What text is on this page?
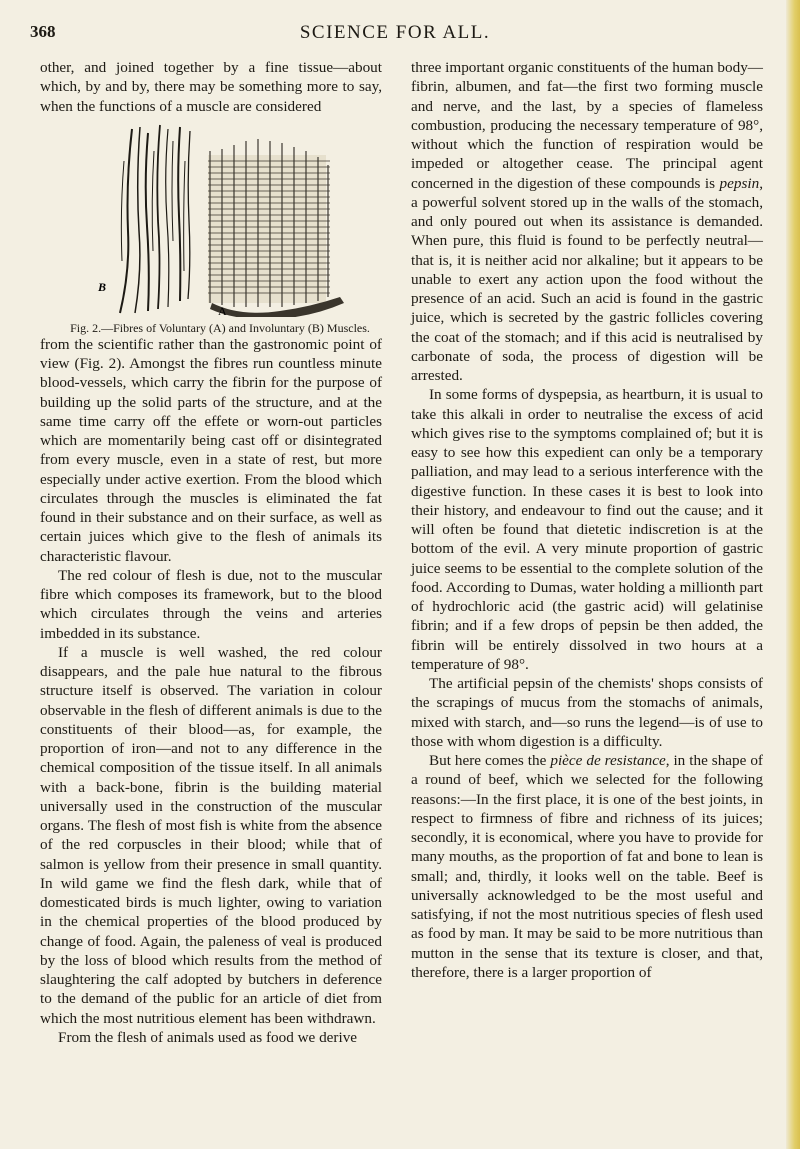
368	SCIENCE FOR ALL.

other, and joined together by a fine tissue—about which, by and by, there may be something more to say, when the functions of a muscle are considered

B
A

Fig. 2.—Fibres of Voluntary (A) and Involuntary (B) Muscles.

from the scientific rather than the gastronomic point of view (Fig. 2). Amongst the fibres run countless minute blood-vessels, which carry the fibrin for the purpose of building up the solid parts of the structure, and at the same time carry off the effete or worn-out particles which are momentarily being cast off or disintegrated from every muscle, even in a state of rest, but more especially under active exertion. From the blood which circulates through the muscles is eliminated the fat found in their substance and on their surface, as well as certain juices which give to the flesh of animals its characteristic flavour.

The red colour of flesh is due, not to the muscular fibre which composes its framework, but to the blood which circulates through the veins and arteries imbedded in its substance.

If a muscle is well washed, the red colour disappears, and the pale hue natural to the fibrous structure itself is observed. The variation in colour observable in the flesh of different animals is due to the constituents of their blood—as, for example, the proportion of iron—and not to any difference in the chemical composition of the tissue itself. In all animals with a back-bone, fibrin is the building material universally used in the construction of the muscular organs. The flesh of most fish is white from the absence of the red corpuscles in their blood; while that of salmon is yellow from their presence in small quantity. In wild game we find the flesh dark, while that of domesticated birds is much lighter, owing to variation in the chemical properties of the blood produced by change of food. Again, the paleness of veal is produced by the loss of blood which results from the method of slaughtering the calf adopted by butchers in deference to the demand of the public for an article of diet from which the most nutritious element has been withdrawn.

From the flesh of animals used as food we derive

three important organic constituents of the human body—fibrin, albumen, and fat—the first two forming muscle and nerve, and the last, by a species of flameless combustion, producing the necessary temperature of 98°, without which the function of respiration would be impeded or altogether cease. The principal agent concerned in the digestion of these compounds is pepsin, a powerful solvent stored up in the walls of the stomach, and only poured out when its assistance is demanded. When pure, this fluid is found to be perfectly neutral—that is, it is neither acid nor alkaline; but it appears to be unable to exert any action upon the food without the presence of an acid. Such an acid is found in the gastric juice, which is secreted by the gastric follicles covering the coat of the stomach; and if this acid is neutralised by carbonate of soda, the process of digestion will be arrested.

In some forms of dyspepsia, as heartburn, it is usual to take this alkali in order to neutralise the excess of acid which gives rise to the symptoms complained of; but it is easy to see how this expedient can only be a temporary palliation, and may lead to a serious interference with the digestive function. In these cases it is best to look into their history, and endeavour to find out the cause; and it will often be found that dietetic indiscretion is at the bottom of the evil. A very minute proportion of gastric juice seems to be essential to the complete solution of the food. According to Dumas, water holding a millionth part of hydrochloric acid (the gastric acid) will gelatinise fibrin; and if a few drops of pepsin be then added, the fibrin will be entirely dissolved in two hours at a temperature of 98°.

The artificial pepsin of the chemists' shops consists of the scrapings of mucus from the stomachs of animals, mixed with starch, and—so runs the legend—is of use to those with whom digestion is a difficulty.

But here comes the pièce de resistance, in the shape of a round of beef, which we selected for the following reasons:—In the first place, it is one of the best joints, in respect to firmness of fibre and richness of its juices; secondly, it is economical, where you have to provide for many mouths, as the proportion of fat and bone to lean is small; and, thirdly, it looks well on the table. Beef is universally acknowledged to be the most useful and satisfying, if not the most nutritious species of flesh used as food by man. It may be said to be more nutritious than mutton in the sense that its texture is closer, and that, therefore, there is a larger proportion of
